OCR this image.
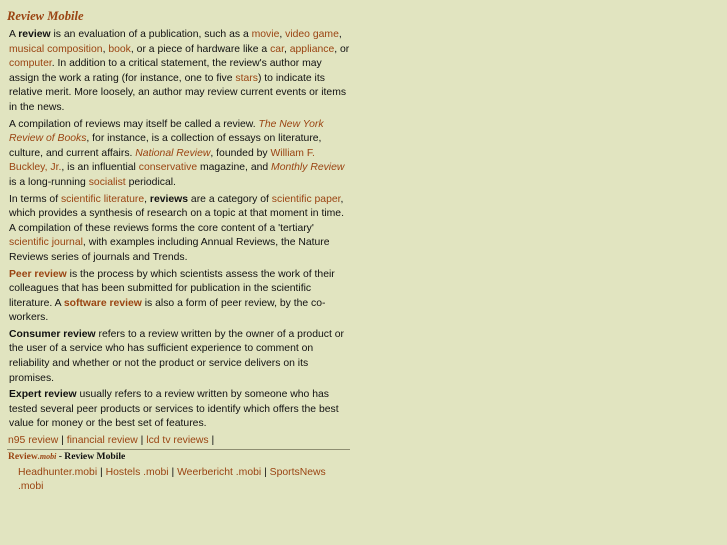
Review Mobile

A review is an evaluation of a publication, such as a movie, video game, musical composition, book, or a piece of hardware like a car, appliance, or computer. In addition to a critical statement, the review's author may assign the work a rating (for instance, one to five stars) to indicate its relative merit. More loosely, an author may review current events or items in the news.

A compilation of reviews may itself be called a review. The New York Review of Books, for instance, is a collection of essays on literature, culture, and current affairs. National Review, founded by William F. Buckley, Jr., is an influential conservative magazine, and Monthly Review is a long-running socialist periodical.

In terms of scientific literature, reviews are a category of scientific paper, which provides a synthesis of research on a topic at that moment in time. A compilation of these reviews forms the core content of a 'tertiary' scientific journal, with examples including Annual Reviews, the Nature Reviews series of journals and Trends.

Peer review is the process by which scientists assess the work of their colleagues that has been submitted for publication in the scientific literature. A software review is also a form of peer review, by the co-workers.

Consumer review refers to a review written by the owner of a product or the user of a service who has sufficient experience to comment on reliability and whether or not the product or service delivers on its promises.

Expert review usually refers to a review written by someone who has tested several peer products or services to identify which offers the best value for money or the best set of features.

n95 review | financial review | lcd tv reviews |
Review.mobi - Review Mobile
Headhunter.mobi | Hostels .mobi | Weerbericht .mobi | SportsNews .mobi
